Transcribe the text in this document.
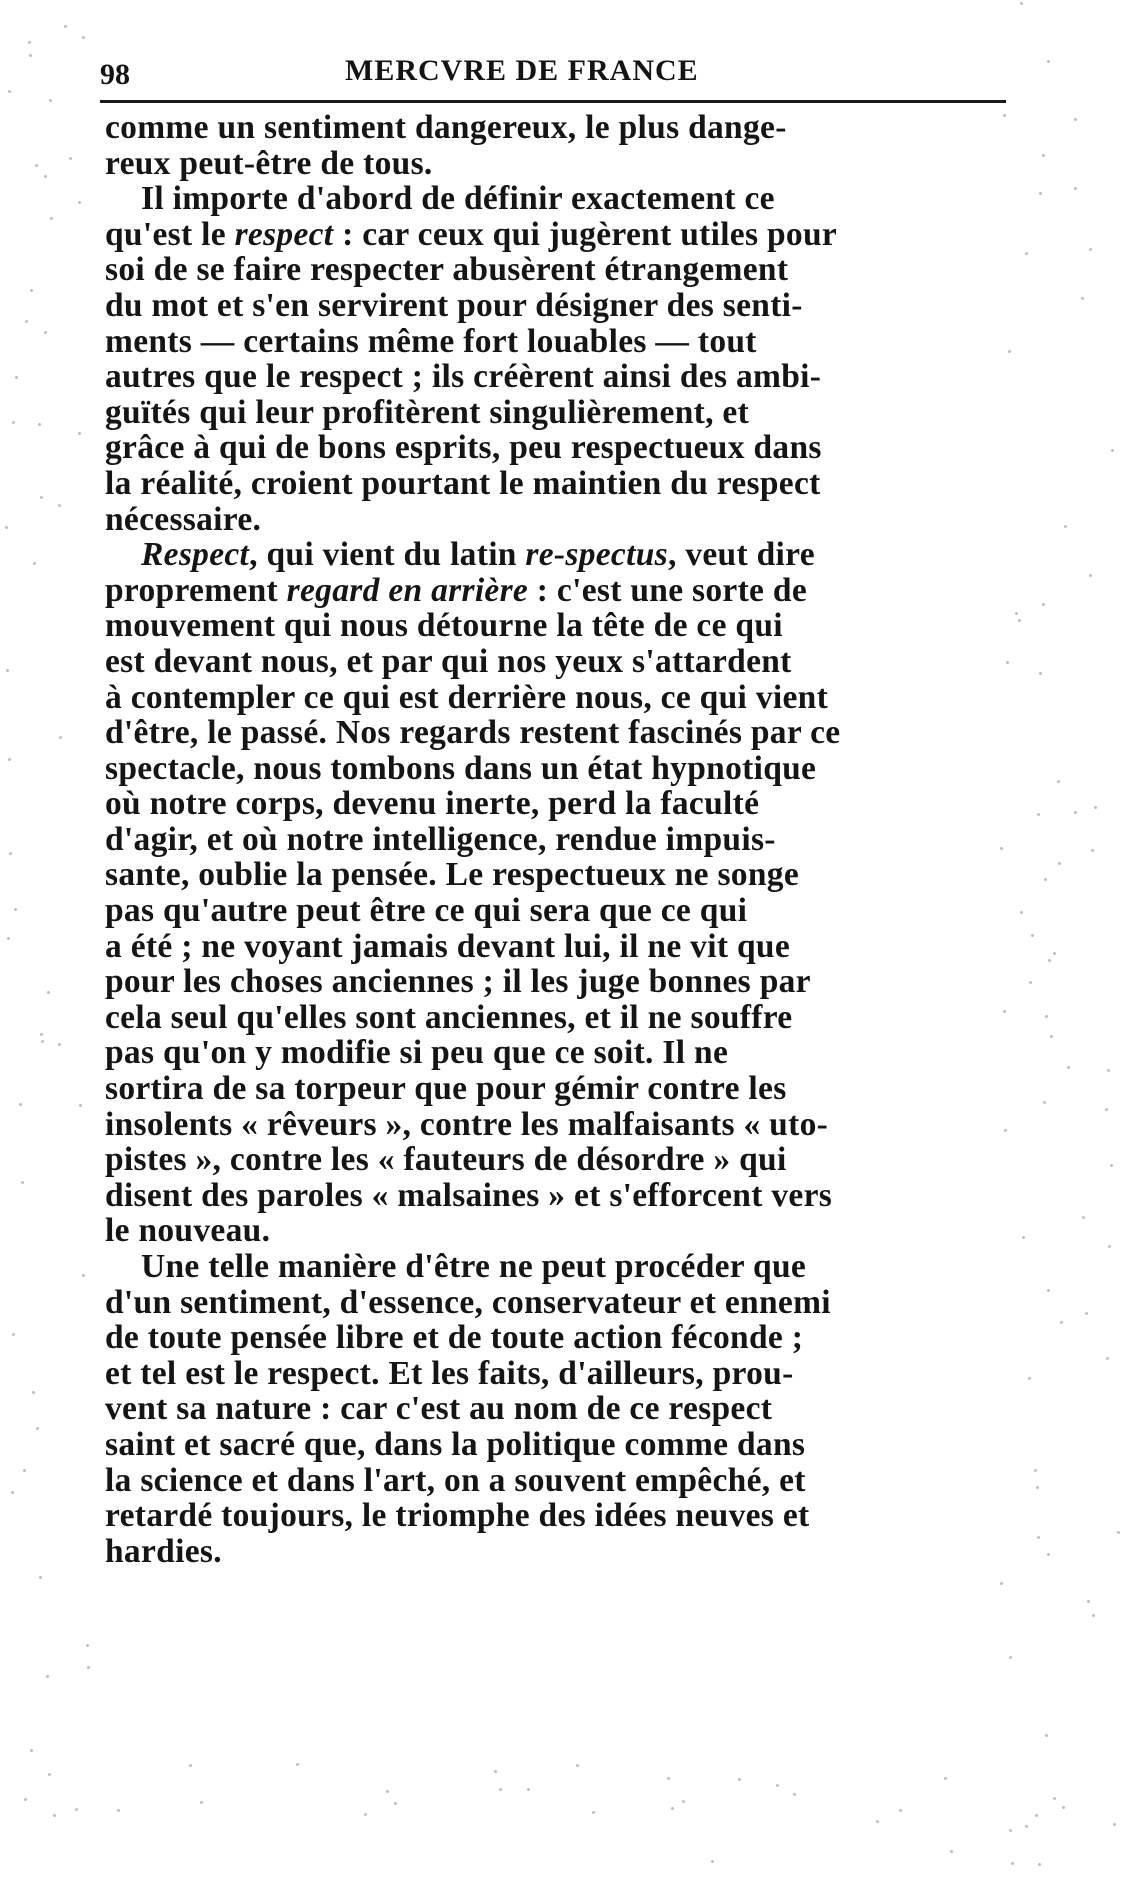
98	MERCVRE DE FRANCE
comme un sentiment dangereux, le plus dange-
reux peut-être de tous.
Il importe d'abord de définir exactement ce
qu'est le respect : car ceux qui jugèrent utiles pour
soi de se faire respecter abusèrent étrangement
du mot et s'en servirent pour désigner des senti-
ments — certains même fort louables — tout
autres que le respect ; ils créèrent ainsi des ambi-
guïtés qui leur profitèrent singulièrement, et
grâce à qui de bons esprits, peu respectueux dans
la réalité, croient pourtant le maintien du respect
nécessaire.
Respect, qui vient du latin re-spectus, veut dire
proprement regard en arrière : c'est une sorte de
mouvement qui nous détourne la tête de ce qui
est devant nous, et par qui nos yeux s'attardent
à contempler ce qui est derrière nous, ce qui vient
d'être, le passé. Nos regards restent fascinés par ce
spectacle, nous tombons dans un état hypnotique
où notre corps, devenu inerte, perd la faculté
d'agir, et où notre intelligence, rendue impuis-
sante, oublie la pensée. Le respectueux ne songe
pas qu'autre peut être ce qui sera que ce qui
a été ; ne voyant jamais devant lui, il ne vit que
pour les choses anciennes ; il les juge bonnes par
cela seul qu'elles sont anciennes, et il ne souffre
pas qu'on y modifie si peu que ce soit. Il ne
sortira de sa torpeur que pour gémir contre les
insolents « rêveurs », contre les malfaisants « uto-
pistes », contre les « fauteurs de désordre » qui
disent des paroles « malsaines » et s'efforcent vers
le nouveau.
Une telle manière d'être ne peut procéder que
d'un sentiment, d'essence, conservateur et ennemi
de toute pensée libre et de toute action féconde ;
et tel est le respect. Et les faits, d'ailleurs, prou-
vent sa nature : car c'est au nom de ce respect
saint et sacré que, dans la politique comme dans
la science et dans l'art, on a souvent empêché, et
retardé toujours, le triomphe des idées neuves et
hardies.
